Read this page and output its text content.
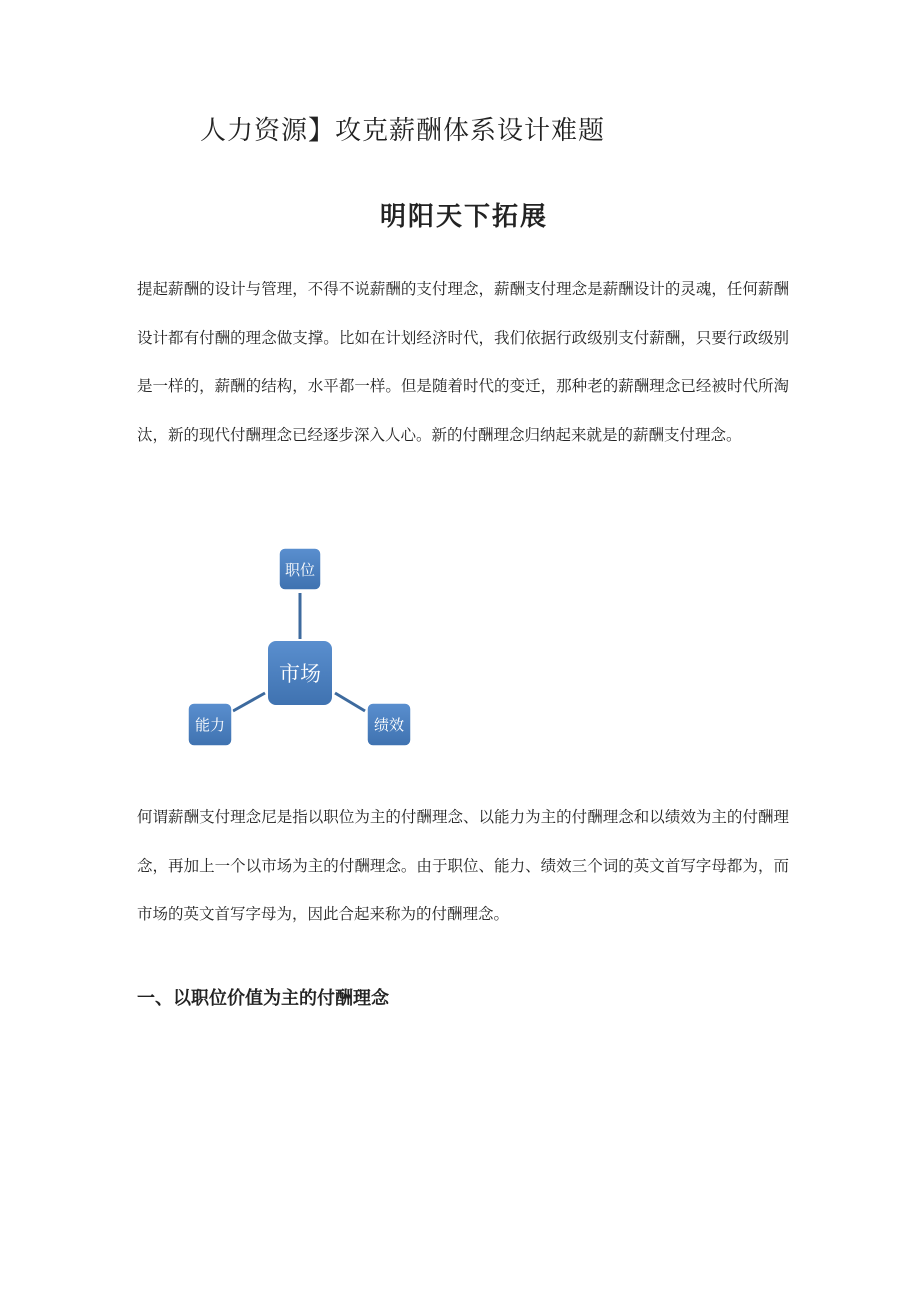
人力资源】攻克薪酬体系设计难题
明阳天下拓展

提起薪酬的设计与管理，不得不说薪酬的支付理念，薪酬支付理念是薪酬设计的灵魂，任何薪酬设计都有付酬的理念做支撑。比如在计划经济时代，我们依据行政级别支付薪酬，只要行政级别是一样的，薪酬的结构，水平都一样。但是随着时代的变迁，那种老的薪酬理念已经被时代所淘汰，新的现代付酬理念已经逐步深入人心。新的付酬理念归纳起来就是的薪酬支付理念。

职位
市场
能力	绩效

何谓薪酬支付理念尼是指以职位为主的付酬理念、以能力为主的付酬理念和以绩效为主的付酬理念，再加上一个以市场为主的付酬理念。由于职位、能力、绩效三个词的英文首写字母都为，而市场的英文首写字母为，因此合起来称为的付酬理念。

一、以职位价值为主的付酬理念
